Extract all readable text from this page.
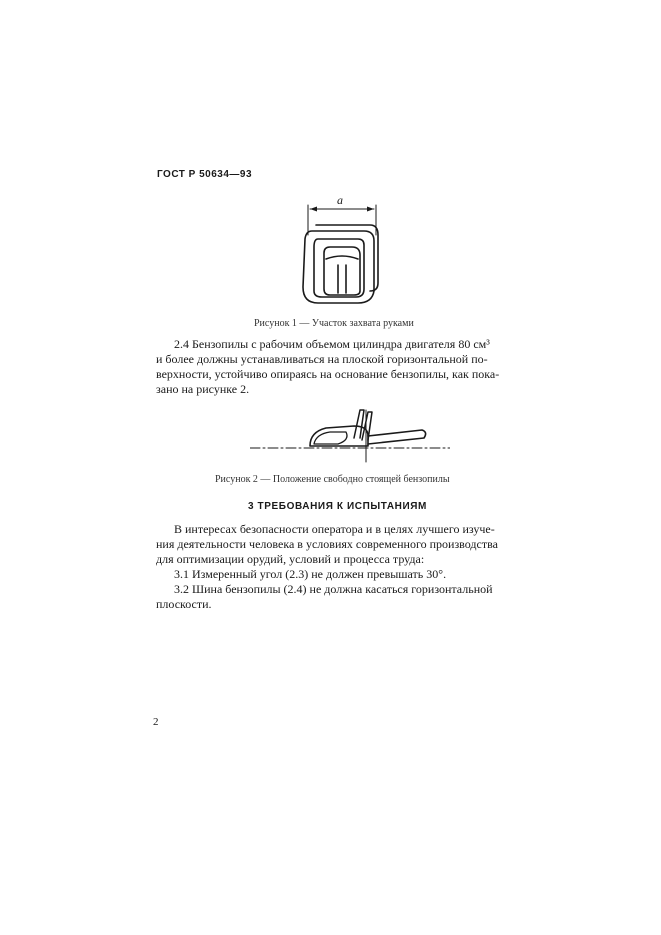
ГОСТ Р 50634—93
a
Рисунок 1 — Участок захвата руками

2.4 Бензопилы с рабочим объемом цилиндра двигателя 80 см³

и более должны устанавливаться на плоской горизонтальной по-

верхности, устойчиво опираясь на основание бензопилы, как пока-

зано на рисунке 2.

Рисунок 2 — Положение свободно стоящей бензопилы
3 ТРЕБОВАНИЯ К ИСПЫТАНИЯМ

В интересах безопасности оператора и в целях лучшего изуче-

ния деятельности человека в условиях современного производства

для оптимизации орудий, условий и процесса труда:

3.1 Измеренный угол (2.3) не должен превышать 30°.

3.2 Шина бензопилы (2.4) не должна касаться горизонтальной

плоскости.

2
